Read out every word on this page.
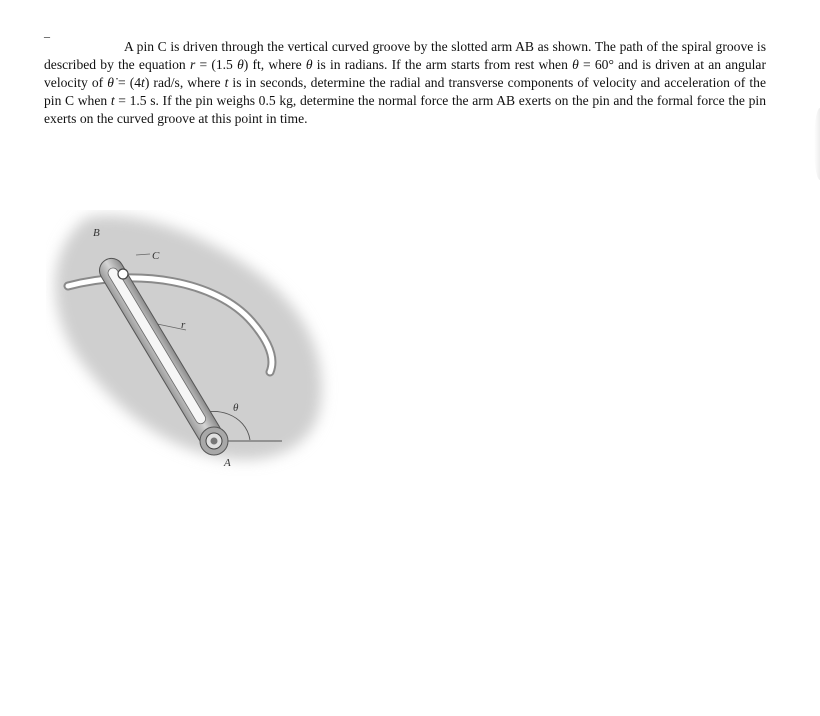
_

A pin C is driven through the vertical curved groove by the slotted arm AB as shown. The path of the spiral groove is described by the equation r = (1.5 θ) ft, where θ is in radians. If the arm starts from rest when θ = 60° and is driven at an angular velocity of θ̇ = (4t) rad/s, where t is in seconds, determine the radial and transverse components of velocity and acceleration of the pin C when t = 1.5 s. If the pin weighs 0.5 kg, determine the normal force the arm AB exerts on the pin and the formal force the pin exerts on the curved groove at this point in time.

B
C
r
θ
A
